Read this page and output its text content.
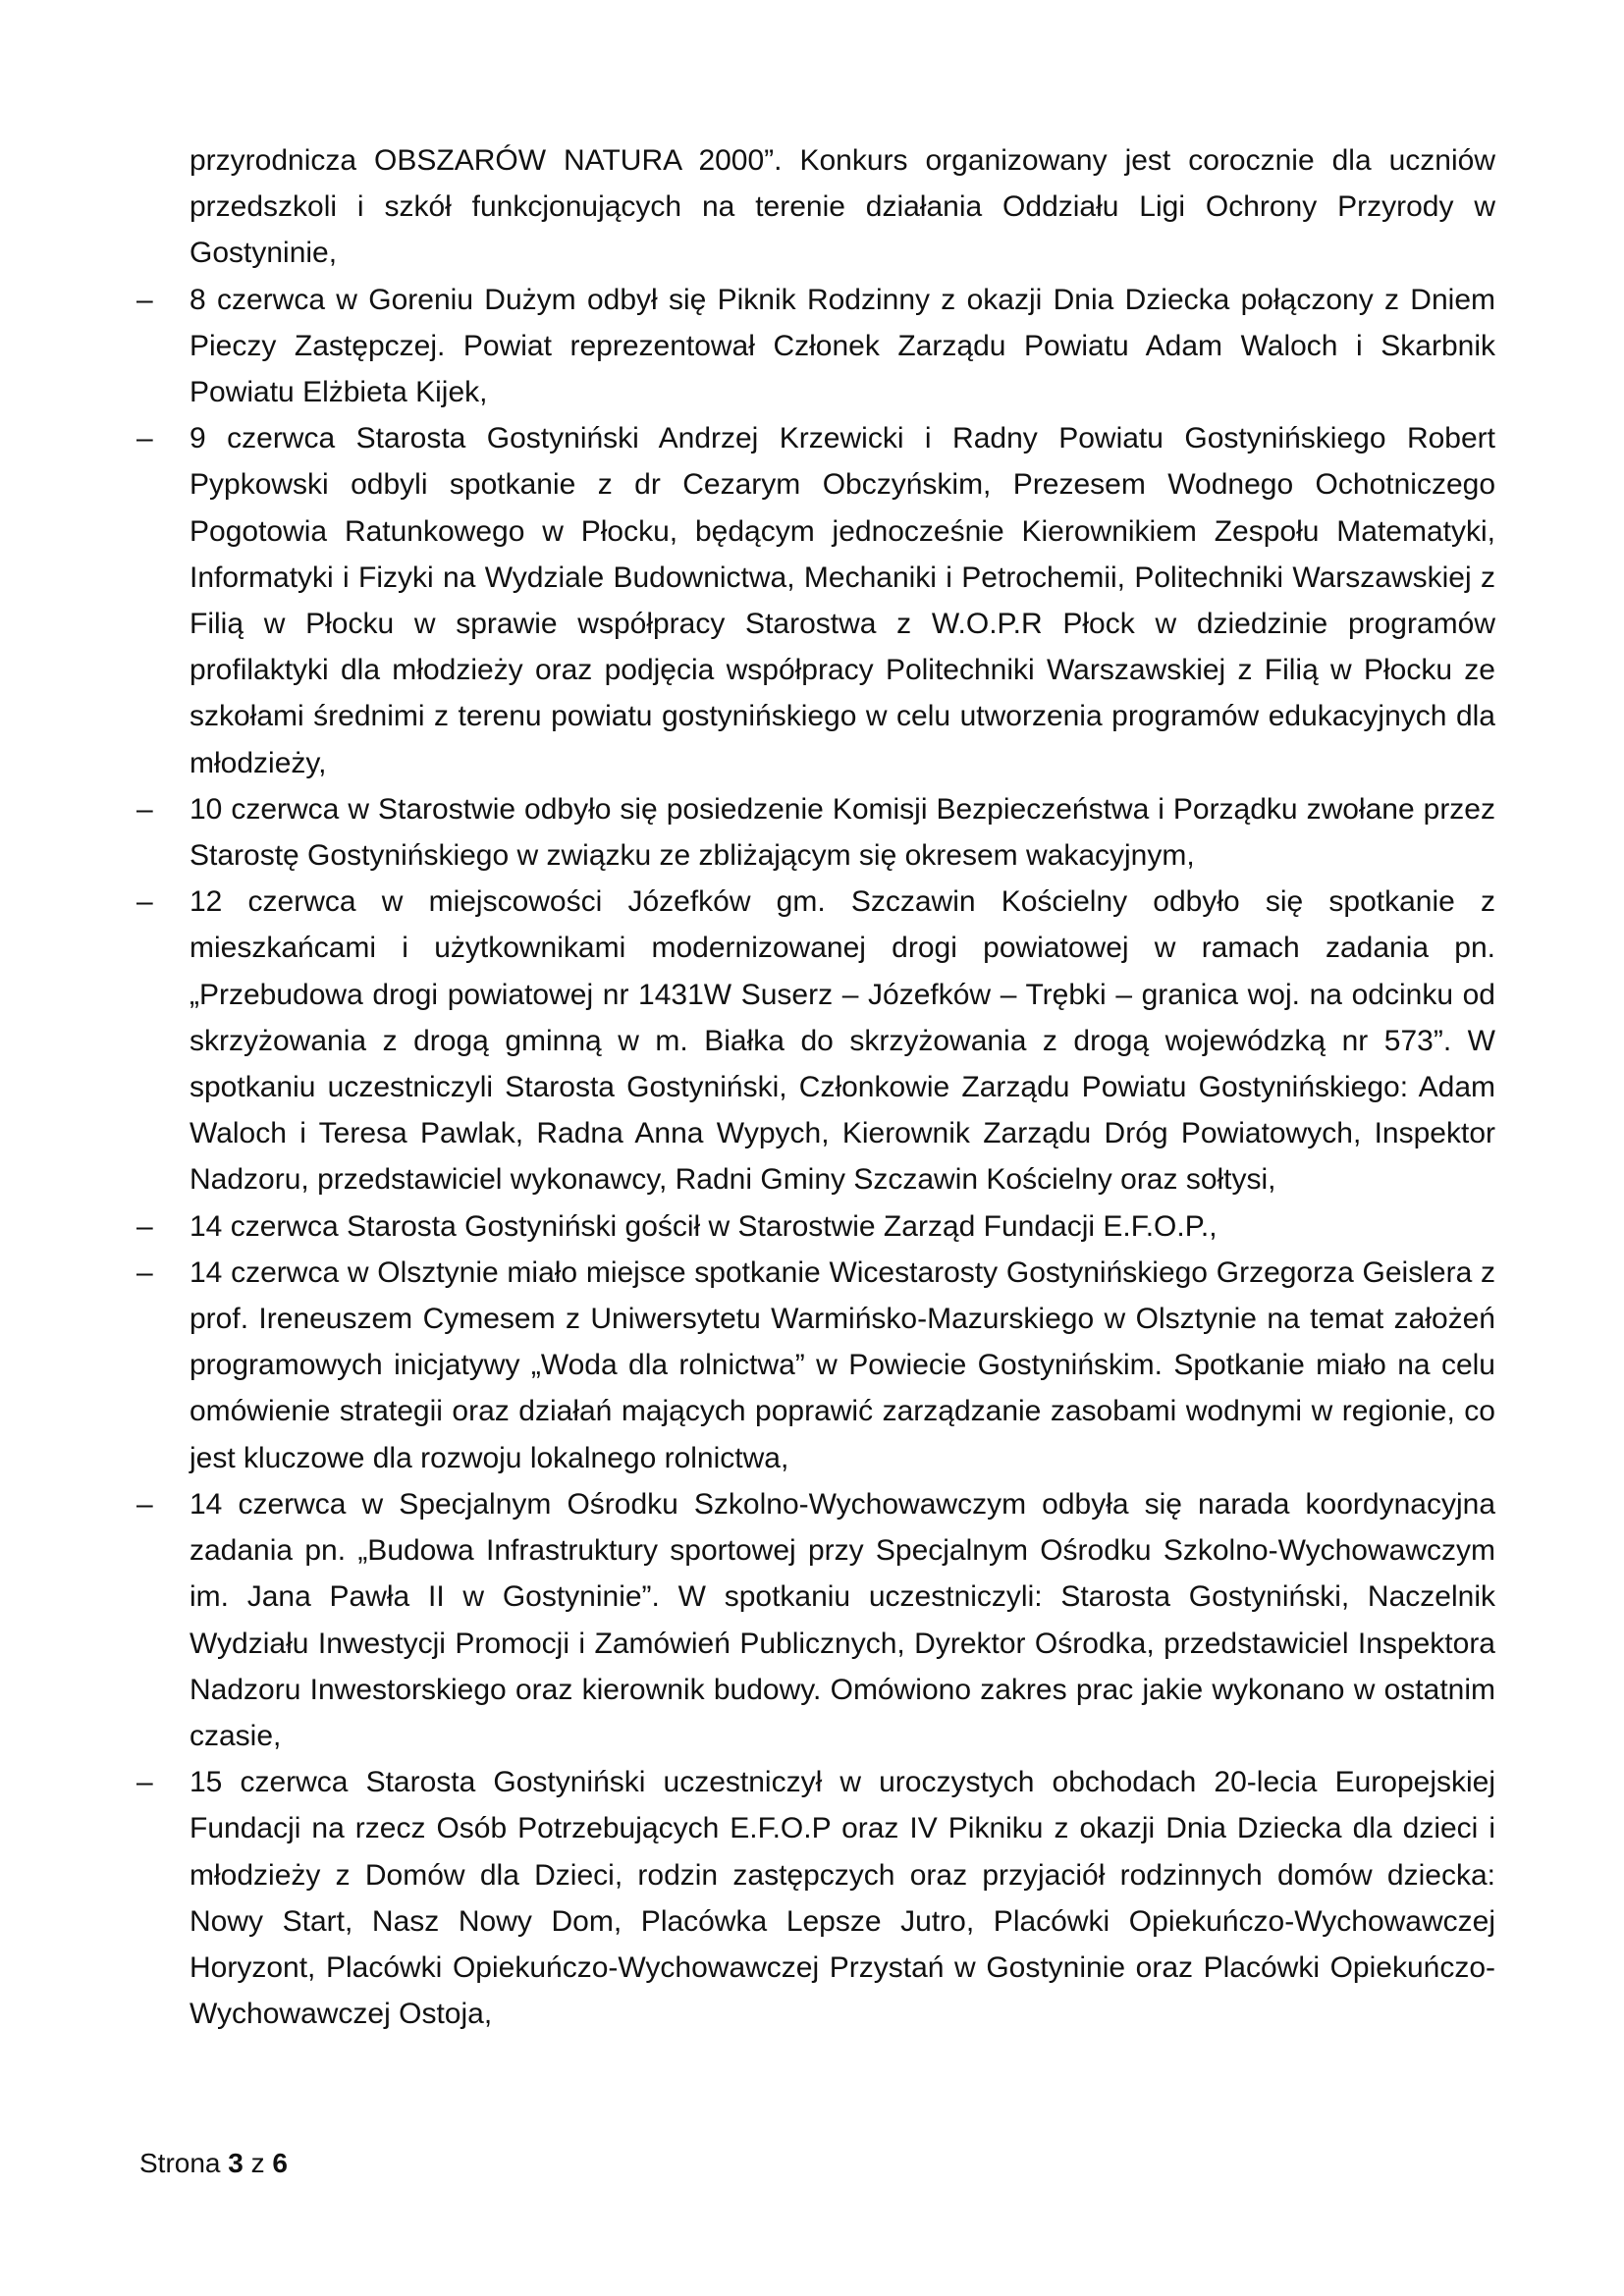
przyrodnicza OBSZARÓW NATURA 2000”. Konkurs organizowany jest corocznie dla uczniów przedszkoli i szkół funkcjonujących na terenie działania Oddziału Ligi Ochrony Przyrody w Gostyninie,

– 8 czerwca w Goreniu Dużym odbył się Piknik Rodzinny z okazji Dnia Dziecka połączony z Dniem Pieczy Zastępczej. Powiat reprezentował Członek Zarządu Powiatu Adam Waloch i Skarbnik Powiatu Elżbieta Kijek,
– 9 czerwca Starosta Gostyniński Andrzej Krzewicki i Radny Powiatu Gostynińskiego Robert Pypkowski odbyli spotkanie z dr Cezarym Obczyńskim, Prezesem Wodnego Ochotniczego Pogotowia Ratunkowego w Płocku, będącym jednocześnie Kierownikiem Zespołu Matematyki, Informatyki i Fizyki na Wydziale Budownictwa, Mechaniki i Petrochemii, Politechniki Warszawskiej z Filią w Płocku w sprawie współpracy Starostwa z W.O.P.R Płock w dziedzinie programów profilaktyki dla młodzieży oraz podjęcia współpracy Politechniki Warszawskiej z Filią w Płocku ze szkołami średnimi z terenu powiatu gostynińskiego w celu utworzenia programów edukacyjnych dla młodzieży,
– 10 czerwca w Starostwie odbyło się posiedzenie Komisji Bezpieczeństwa i Porządku zwołane przez Starostę Gostynińskiego w związku ze zbliżającym się okresem wakacyjnym,
– 12 czerwca w miejscowości Józefków gm. Szczawin Kościelny odbyło się spotkanie z mieszkańcami i użytkownikami modernizowanej drogi powiatowej w ramach zadania pn. „Przebudowa drogi powiatowej nr 1431W Suserz – Józefków – Trębki – granica woj. na odcinku od skrzyżowania z drogą gminną w m. Białka do skrzyżowania z drogą wojewódzką nr 573”. W spotkaniu uczestniczyli Starosta Gostyniński, Członkowie Zarządu Powiatu Gostynińskiego: Adam Waloch i Teresa Pawlak, Radna Anna Wypych, Kierownik Zarządu Dróg Powiatowych, Inspektor Nadzoru, przedstawiciel wykonawcy, Radni Gminy Szczawin Kościelny oraz sołtysi,
– 14 czerwca Starosta Gostyniński gościł w Starostwie Zarząd Fundacji E.F.O.P.,
– 14 czerwca w Olsztynie miało miejsce spotkanie Wicestarosty Gostynińskiego Grzegorza Geislera z prof. Ireneuszem Cymesem z Uniwersytetu Warmińsko-Mazurskiego w Olsztynie na temat założeń programowych inicjatywy „Woda dla rolnictwa” w Powiecie Gostynińskim. Spotkanie miało na celu omówienie strategii oraz działań mających poprawić zarządzanie zasobami wodnymi w regionie, co jest kluczowe dla rozwoju lokalnego rolnictwa,
– 14 czerwca w Specjalnym Ośrodku Szkolno-Wychowawczym odbyła się narada koordynacyjna zadania pn. „Budowa Infrastruktury sportowej przy Specjalnym Ośrodku Szkolno-Wychowawczym im. Jana Pawła II w Gostyninie”. W spotkaniu uczestniczyli: Starosta Gostyniński, Naczelnik Wydziału Inwestycji Promocji i Zamówień Publicznych, Dyrektor Ośrodka, przedstawiciel Inspektora Nadzoru Inwestorskiego oraz kierownik budowy. Omówiono zakres prac jakie wykonano w ostatnim czasie,
– 15 czerwca Starosta Gostyniński uczestniczył w uroczystych obchodach 20-lecia Europejskiej Fundacji na rzecz Osób Potrzebujących E.F.O.P oraz IV Pikniku z okazji Dnia Dziecka dla dzieci i młodzieży z Domów dla Dzieci, rodzin zastępczych oraz przyjaciół rodzinnych domów dziecka: Nowy Start, Nasz Nowy Dom, Placówka Lepsze Jutro, Placówki Opiekuńczo-Wychowawczej Horyzont, Placówki Opiekuńczo-Wychowawczej Przystań w Gostyninie oraz Placówki Opiekuńczo-Wychowawczej Ostoja,
Strona 3 z 6
